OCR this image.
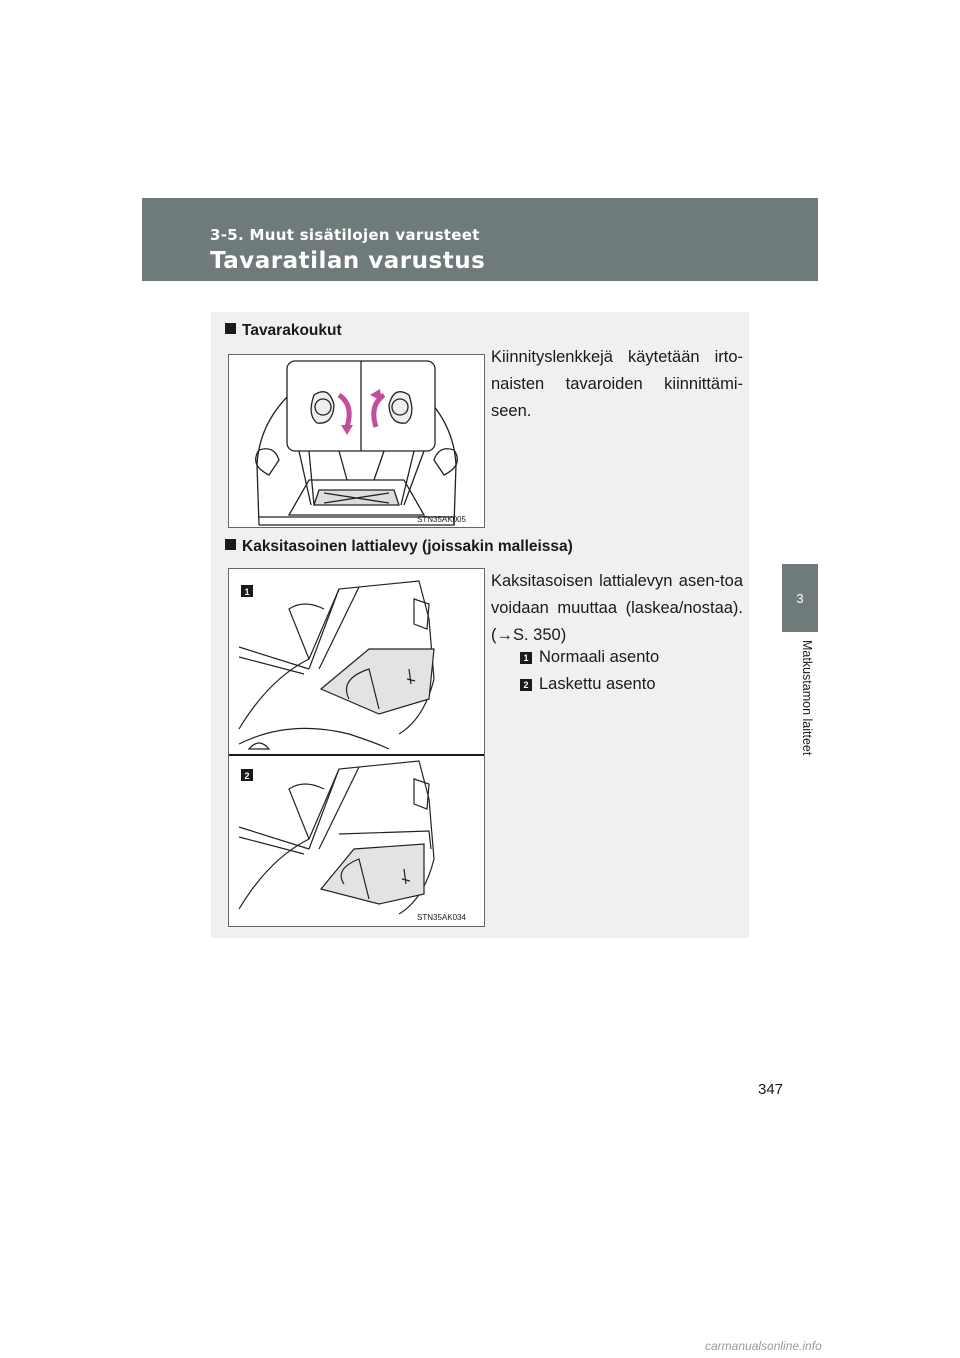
3-5. Muut sisätilojen varusteet
Tavaratilan varustus
3
Matkustamon laitteet
Tavarakoukut
STN35AK005
Kiinnityslenkkejä käytetään irto-naisten tavaroiden kiinnittämi-seen.
Kaksitasoinen lattialevy (joissakin malleissa)
1
2
STN35AK034
Kaksitasoisen lattialevyn asen-toa voidaan muuttaa (laskea/nostaa). (→S. 350)
1 Normaali asento
2 Laskettu asento
347
carmanualsonline.info
